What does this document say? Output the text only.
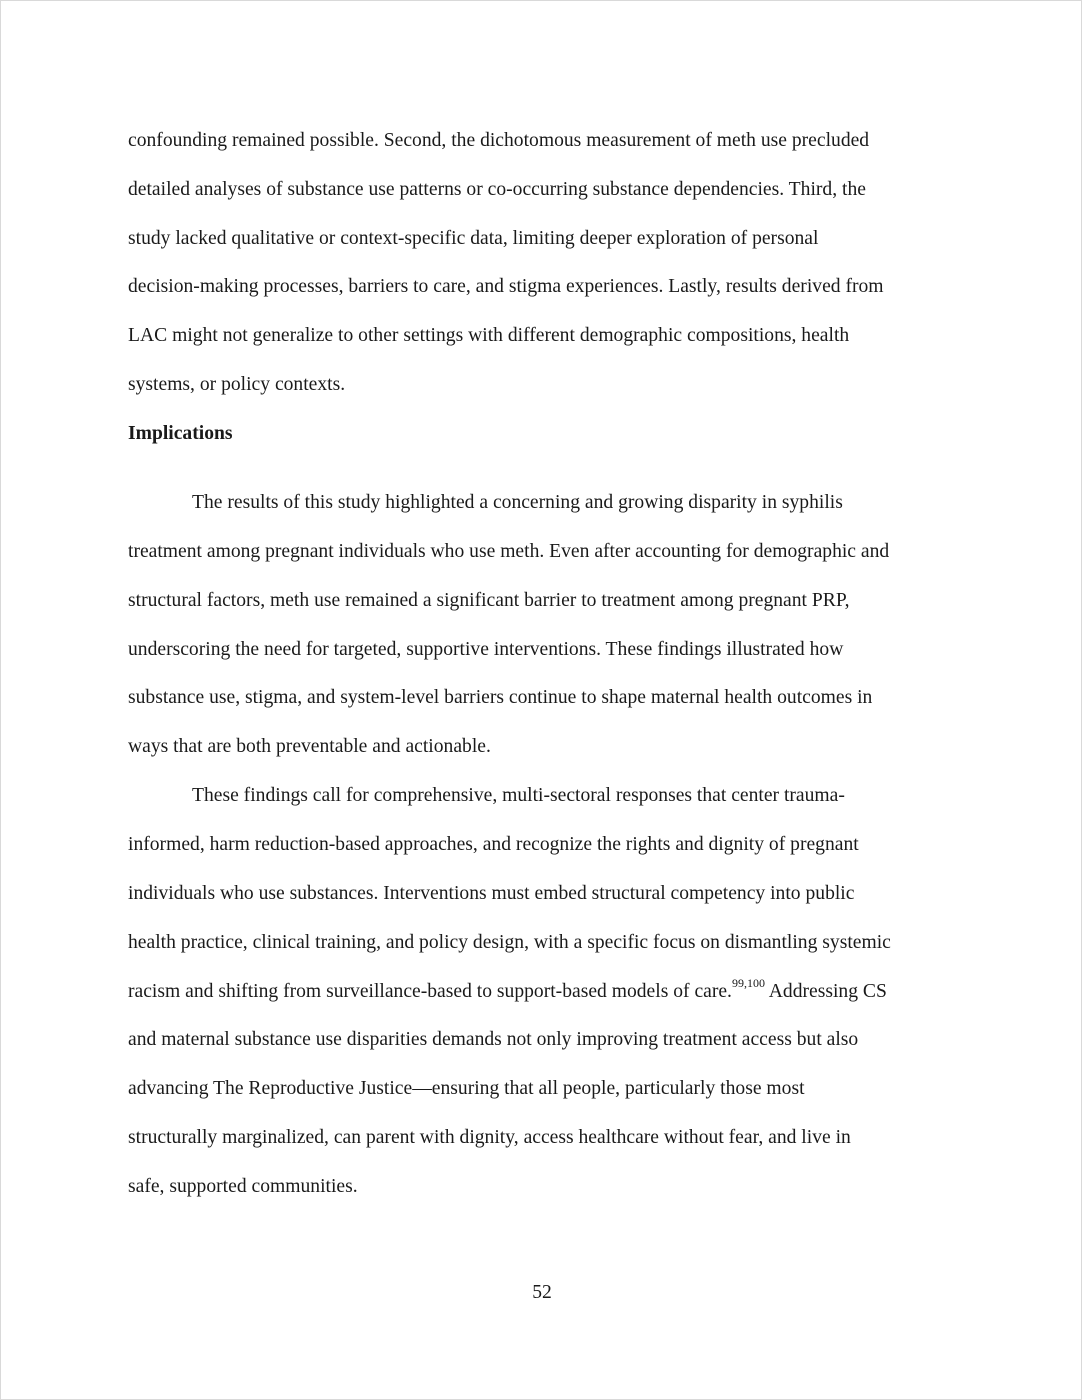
confounding remained possible. Second, the dichotomous measurement of meth use precluded
detailed analyses of substance use patterns or co-occurring substance dependencies. Third, the
study lacked qualitative or context-specific data, limiting deeper exploration of personal
decision-making processes, barriers to care, and stigma experiences. Lastly, results derived from
LAC might not generalize to other settings with different demographic compositions, health
systems, or policy contexts.
Implications
The results of this study highlighted a concerning and growing disparity in syphilis
treatment among pregnant individuals who use meth. Even after accounting for demographic and
structural factors, meth use remained a significant barrier to treatment among pregnant PRP,
underscoring the need for targeted, supportive interventions. These findings illustrated how
substance use, stigma, and system-level barriers continue to shape maternal health outcomes in
ways that are both preventable and actionable.
These findings call for comprehensive, multi-sectoral responses that center trauma-
informed, harm reduction-based approaches, and recognize the rights and dignity of pregnant
individuals who use substances. Interventions must embed structural competency into public
health practice, clinical training, and policy design, with a specific focus on dismantling systemic
racism and shifting from surveillance-based to support-based models of care.$^{99,100}$ Addressing CS
and maternal substance use disparities demands not only improving treatment access but also
advancing The Reproductive Justice—ensuring that all people, particularly those most
structurally marginalized, can parent with dignity, access healthcare without fear, and live in
safe, supported communities.
52
